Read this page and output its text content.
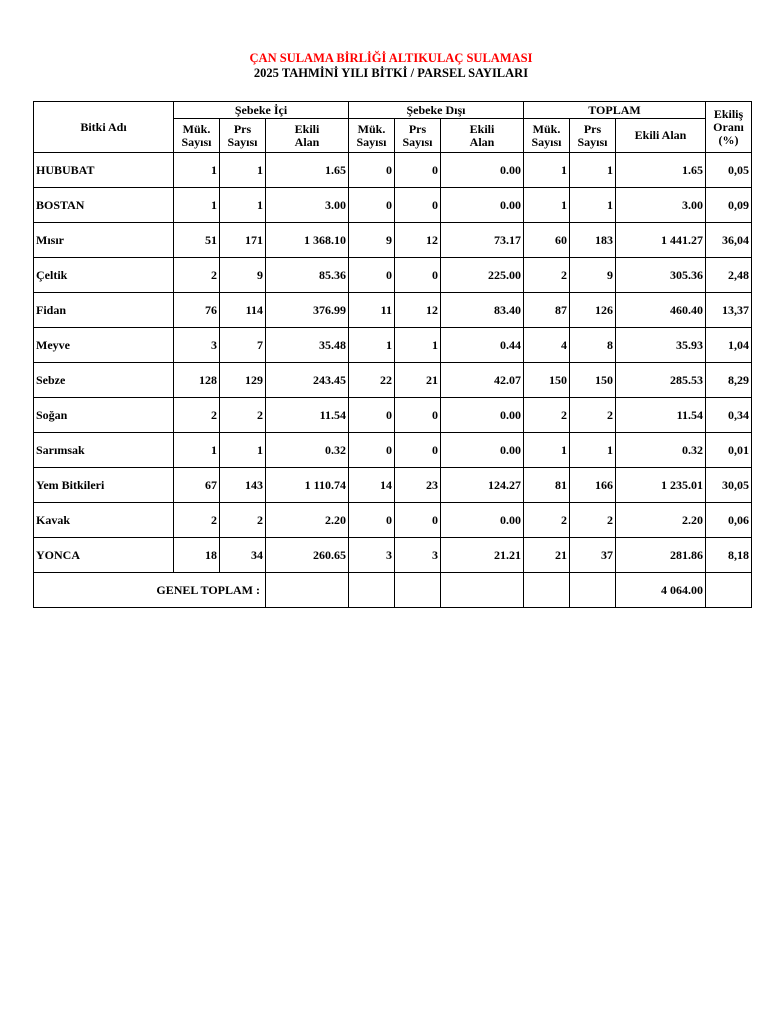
ÇAN SULAMA BİRLİĞİ ALTIKULAÇ SULAMASI
2025 TAHMİNİ YILI BİTKİ / PARSEL SAYILARI
Bitki Adı	Şebeke İçi			Şebeke Dışı			TOPLAM			Ekiliş Oranı (%)
	Mük. Sayısı	Prs Sayısı	Ekili Alan	Mük. Sayısı	Prs Sayısı	Ekili Alan	Mük. Sayısı	Prs Sayısı	Ekili Alan	
HUBUBAT	1	1	1.65	0	0	0.00	1	1	1.65	0,05
BOSTAN	1	1	3.00	0	0	0.00	1	1	3.00	0,09
Mısır	51	171	1 368.10	9	12	73.17	60	183	1 441.27	36,04
Çeltik	2	9	85.36	0	0	225.00	2	9	305.36	2,48
Fidan	76	114	376.99	11	12	83.40	87	126	460.40	13,37
Meyve	3	7	35.48	1	1	0.44	4	8	35.93	1,04
Sebze	128	129	243.45	22	21	42.07	150	150	285.53	8,29
Soğan	2	2	11.54	0	0	0.00	2	2	11.54	0,34
Sarımsak	1	1	0.32	0	0	0.00	1	1	0.32	0,01
Yem Bitkileri	67	143	1 110.74	14	23	124.27	81	166	1 235.01	30,05
Kavak	2	2	2.20	0	0	0.00	2	2	2.20	0,06
YONCA	18	34	260.65	3	3	21.21	21	37	281.86	8,18
GENEL TOPLAM :									4 064.00	
